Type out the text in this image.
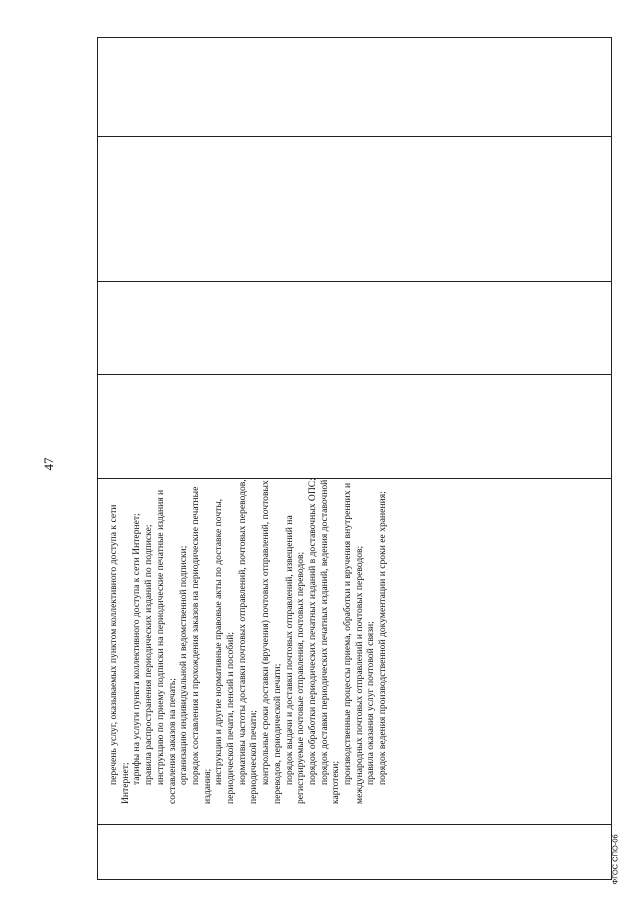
47

перечень услуг, оказываемых пунктом коллективного доступа к сети Интернет; тарифы на услуги пункта коллективного доступа к сети Интернет; правила распространения периодических изданий по подписке; инструкцию по приему подписки на периодические печатные издания и составления заказов на печать; организацию индивидуальной и ведомственной подписки; порядок составления и прохождения заказов на периодические печатные издания;

инструкции и другие нормативные правовые акты по доставке почты, периодической печати, пенсий и пособий; нормативы частоты доставки почтовых отправлений, почтовых переводов, периодической печати; контрольные сроки доставки (вручения) почтовых отправлений, почтовых переводов, периодической печати; порядок выдачи и доставки почтовых отправлений, извещений на регистрируемые почтовые отправления, почтовых переводов; порядок обработки периодических печатных изданий в доставочных ОПС; порядок доставки периодических печатных изданий, ведения доставочной картотеки; производственные процессы приема, обработки и вручения внутренних и международных почтовых отправлений и почтовых переводов; правила оказания услуг почтовой связи; порядок ведения производственной документации и сроки ее хранения;

ФГОС СПО-06
